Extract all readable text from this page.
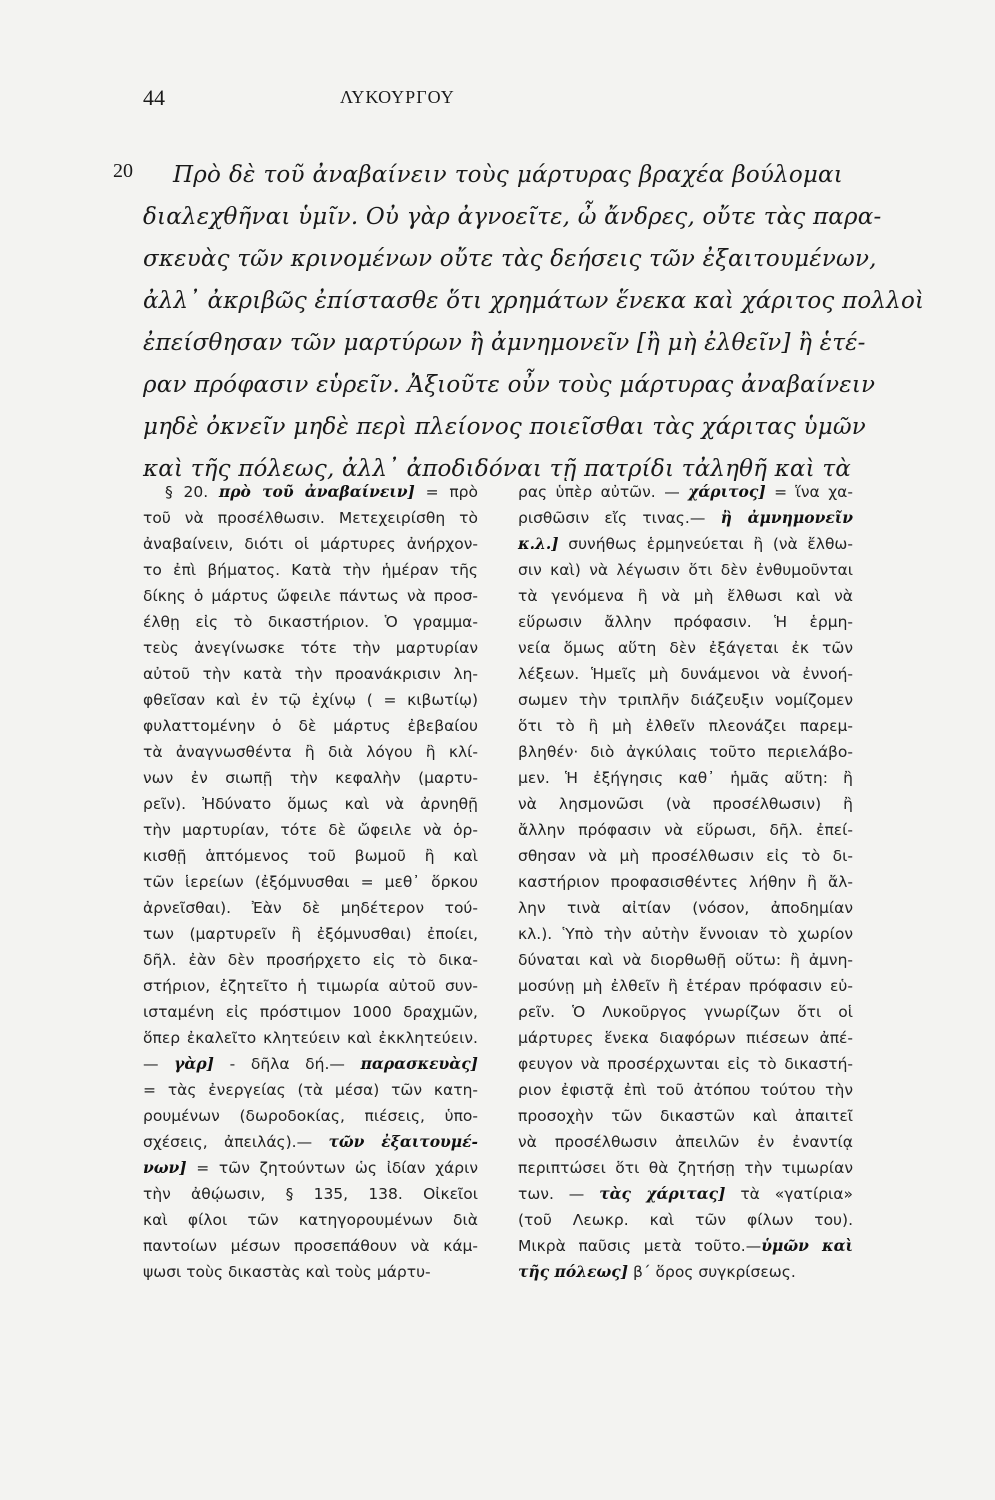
44	ΛΥΚΟΥΡΓΟΥ
20	Πρὸ δὲ τοῦ ἀναβαίνειν τοὺς μάρτυρας βραχέα βούλομαι
διαλεχθῆναι ὑμῖν. Οὐ γὰρ ἀγνοεῖτε, ὦ ἄνδρες, οὔτε τὰς παρα-
σκευὰς τῶν κρινομένων οὔτε τὰς δεήσεις τῶν ἐξαιτουμένων,
ἀλλ᾽ ἀκριβῶς ἐπίστασθε ὅτι χρημάτων ἕνεκα καὶ χάριτος πολλοὶ
ἐπείσθησαν τῶν μαρτύρων ἢ ἀμνημονεῖν [ἢ μὴ ἐλθεῖν] ἢ ἑτέ-
ραν πρόφασιν εὑρεῖν. Ἀξιοῦτε οὖν τοὺς μάρτυρας ἀναβαίνειν
μηδὲ ὀκνεῖν μηδὲ περὶ πλείονος ποιεῖσθαι τὰς χάριτας ὑμῶν
καὶ τῆς πόλεως, ἀλλ᾽ ἀποδιδόναι τῇ πατρίδι τἀληθῆ καὶ τὰ
§ 20. πρὸ τοῦ ἀναβαίνειν] = πρὸ
τοῦ νὰ προσέλθωσιν. Μετεχειρίσθη τὸ
ἀναβαίνειν, διότι οἱ μάρτυρες ἀνήρχον-
το ἐπὶ βήματος. Κατὰ τὴν ἡμέραν τῆς
δίκης ὁ μάρτυς ὤφειλε πάντως νὰ προσ-
έλθῃ εἰς τὸ δικαστήριον. Ὁ γραμμα-
τεὺς ἀνεγίνωσκε τότε τὴν μαρτυρίαν
αὐτοῦ τὴν κατὰ τὴν προανάκρισιν λη-
φθεῖσαν καὶ ἐν τῷ ἐχίνῳ ( = κιβωτίῳ)
φυλαττομένην ὁ δὲ μάρτυς ἐβεβαίου
τὰ ἀναγνωσθέντα ἢ διὰ λόγου ἢ κλί-
νων ἐν σιωπῇ τὴν κεφαλὴν (μαρτυ-
ρεῖν). Ἠδύνατο ὅμως καὶ νὰ ἀρνηθῇ
τὴν μαρτυρίαν, τότε δὲ ὤφειλε νὰ ὁρ-
κισθῇ ἁπτόμενος τοῦ βωμοῦ ἢ καὶ
τῶν ἱερείων (ἐξόμνυσθαι = μεθ᾽ ὅρκου
ἀρνεῖσθαι). Ἐὰν δὲ μηδέτερον τού-
των (μαρτυρεῖν ἢ ἐξόμνυσθαι) ἐποίει,
δῆλ. ἐὰν δὲν προσήρχετο εἰς τὸ δικα-
στήριον, ἐζητεῖτο ἡ τιμωρία αὐτοῦ συν-
ισταμένη εἰς πρόστιμον 1000 δραχμῶν,
ὅπερ ἐκαλεῖτο κλητεύειν καὶ ἐκκλητεύειν.
— γὰρ] - δῆλα δή.— παρασκευὰς]
= τὰς ἐνεργείας (τὰ μέσα) τῶν κατη-
ρουμένων (δωροδοκίας, πιέσεις, ὑπο-
σχέσεις, ἀπειλάς).— τῶν ἐξαιτουμέ-
νων] = τῶν ζητούντων ὡς ἰδίαν χάριν
τὴν ἀθῴωσιν, § 135, 138. Οἰκεῖοι
καὶ φίλοι τῶν κατηγορουμένων διὰ
παντοίων μέσων προσεπάθουν νὰ κάμ-
ψωσι τοὺς δικαστὰς καὶ τοὺς μάρτυ-
ρας ὑπὲρ αὐτῶν. — χάριτος] = ἵνα χα-
ρισθῶσιν εἴς τινας.— ἢ ἀμνημονεῖν
κ.λ.] συνήθως ἑρμηνεύεται ἢ (νὰ ἔλθω-
σιν καὶ) νὰ λέγωσιν ὅτι δὲν ἐνθυμοῦνται
τὰ γενόμενα ἢ νὰ μὴ ἔλθωσι καὶ νὰ
εὕρωσιν ἄλλην πρόφασιν. Ἡ ἑρμη-
νεία ὅμως αὕτη δὲν ἐξάγεται ἐκ τῶν
λέξεων. Ἡμεῖς μὴ δυνάμενοι νὰ ἐννοή-
σωμεν τὴν τριπλῆν διάζευξιν νομίζομεν
ὅτι τὸ ἢ μὴ ἐλθεῖν πλεονάζει παρεμ-
βληθέν· διὸ ἀγκύλαις τοῦτο περιελάβο-
μεν. Ἡ ἐξήγησις καθ᾽ ἡμᾶς αὕτη: ἢ
νὰ λησμονῶσι (νὰ προσέλθωσιν) ἢ
ἄλλην πρόφασιν νὰ εὕρωσι, δῆλ. ἐπεί-
σθησαν νὰ μὴ προσέλθωσιν εἰς τὸ δι-
καστήριον προφασισθέντες λήθην ἢ ἄλ-
λην τινὰ αἰτίαν (νόσον, ἀποδημίαν
κλ.). Ὑπὸ τὴν αὐτὴν ἔννοιαν τὸ χωρίον
δύναται καὶ νὰ διορθωθῇ οὕτω: ἢ ἀμνη-
μοσύνῃ μὴ ἐλθεῖν ἢ ἑτέραν πρόφασιν εὑ-
ρεῖν. Ὁ Λυκοῦργος γνωρίζων ὅτι οἱ
μάρτυρες ἕνεκα διαφόρων πιέσεων ἀπέ-
φευγον νὰ προσέρχωνται εἰς τὸ δικαστή-
ριον ἐφιστᾷ ἐπὶ τοῦ ἀτόπου τούτου τὴν
προσοχὴν τῶν δικαστῶν καὶ ἀπαιτεῖ
νὰ προσέλθωσιν ἀπειλῶν ἐν ἐναντίᾳ
περιπτώσει ὅτι θὰ ζητήσῃ τὴν τιμωρίαν
των. — τὰς χάριτας] τὰ «γατίρια»
(τοῦ Λεωκρ. καὶ τῶν φίλων του).
Μικρὰ παῦσις μετὰ τοῦτο.—ὑμῶν καὶ
τῆς πόλεως] β´ ὅρος συγκρίσεως.
